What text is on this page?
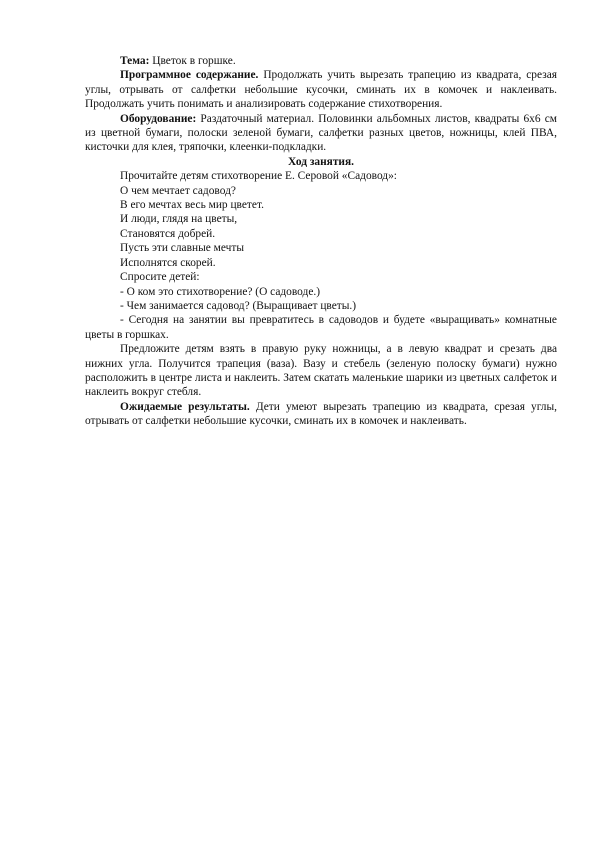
Тема: Цветок в горшке.

Программное содержание. Продолжать учить вырезать трапецию из квадрата, срезая углы, отрывать от салфетки небольшие кусочки, сминать их в комочек и наклеивать. Продолжать учить понимать и анализировать содержание стихотворения.

Оборудование: Раздаточный материал. Половинки альбомных листов, квадраты 6х6 см из цветной бумаги, полоски зеленой бумаги, салфетки разных цветов, ножницы, клей ПВА, кисточки для клея, тряпочки, клеенки-подкладки.

Ход занятия.

Прочитайте детям стихотворение Е. Серовой «Садовод»:

О чем мечтает садовод?

В его мечтах весь мир цветет.

И люди, глядя на цветы,

Становятся добрей.

Пусть эти славные мечты

Исполнятся скорей.

Спросите детей:

- О ком это стихотворение? (О садоводе.)

- Чем занимается садовод? (Выращивает цветы.)

- Сегодня на занятии вы превратитесь в садоводов и будете «выращивать» комнатные цветы в горшках.

Предложите детям взять в правую руку ножницы, а в левую квадрат и срезать два нижних угла. Получится трапеция (ваза). Вазу и стебель (зеленую полоску бумаги) нужно расположить в центре листа и наклеить. Затем скатать маленькие шарики из цветных салфеток и наклеить вокруг стебля.

Ожидаемые результаты. Дети умеют вырезать трапецию из квадрата, срезая углы, отрывать от салфетки небольшие кусочки, сминать их в комочек и наклеивать.
